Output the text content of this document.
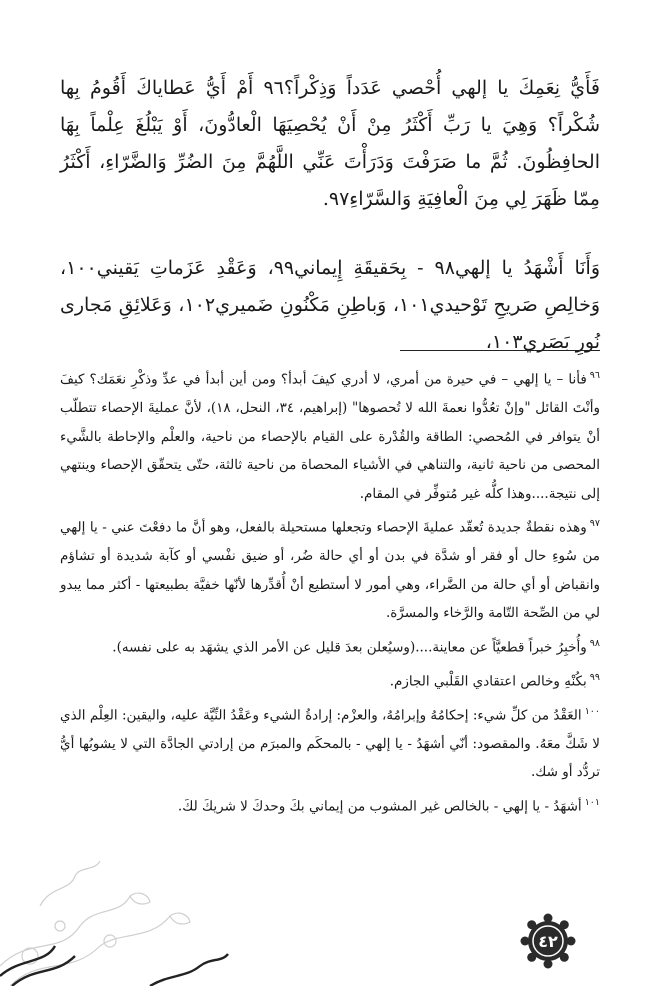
فَأَيُّ نِعَمِكَ يا إلهي أُحْصي عَدَداً وَذِكْراً؟٩٦ أَمْ أَيُّ عَطاياكَ أَقُومُ بِها شُكْراً؟ وَهِيَ يا رَبِّ أَكْثَرُ مِنْ أَنْ يُحْصِيَهَا الْعادُّونَ، أَوْ يَبْلُغَ عِلْماً بِهَا الحافِظُونَ. ثُمَّ ما صَرَفْتَ وَدَرَأْتَ عَنِّي اللَّهُمَّ مِنَ الضُرِّ وَالضَّرّاءِ، أَكْثَرُ مِمّا ظَهَرَ لِي مِنَ الْعافِيَةِ وَالسَّرّاءِ٩٧.

وَأَنَا أَشْهَدُ يا إلهي٩٨ - بِحَقيقَةِ إِيماني٩٩، وَعَقْدِ عَزَماتِ يَقيني١٠٠، وَخالِصِ صَريحِ تَوْحيدي١٠١، وَباطِنِ مَكْنُونِ ضَميري١٠٢، وَعَلائِقِ مَجارى نُورِ بَصَري١٠٣،

$^{٩٦}$فأنا – يا إلهي – في حيرة من أمري، لا أدري كيفَ أبدأ؟ ومن أين أبدأ في عدِّ وذكْرِ نعَمَك؟ كيفَ وأنْتَ القائل "وإنْ تعُدُّوا نعمةَ الله لا تُحصوها" (إبراهيم، ٣٤، النحل، ١٨)، لأنَّ عمليةَ الإحصاء تتطلّب أنْ يتوافر في المُحصي: الطاقة والقُدْرة على القيام بالإحصاء من ناحية، والعلْم والإحاطة بالشَّيء المحصى من ناحية ثانية، والتناهي في الأشياء المحصاة من ناحية ثالثة، حتّى يتحقّق الإحصاء وينتهي إلى نتيجة....وهذا كلُّه غير مُتوفِّر في المقام.

$^{٩٧}$وهذه نقطةٌ جديدة تُعقّد عمليةَ الإحصاء وتجعلها مستحيلة بالفعل، وهو أنَّ ما دفعْتَ عني - يا إلهي من سُوءِ حال أو فقر أو شدَّة في بدن أو أي حالة ضُر، أو ضيق نفْسي أو كآبة شديدة أو تشاؤم وانقباض أو أي حالة من الضَّراء، وهي أمور لا أستطيع أنْ أُقدِّرها لأنّها خفيَّة بطبيعتها - أكثر مما يبدو لي من الصِّحة التّامة والرَّخاء والمسرَّة.

$^{٩٨}$وأُخبِرُ خبراً قطعيَّاً عن معاينة....(وسيُعلن بعدَ قليل عن الأمر الذي يشهَد به على نفسه).

$^{٩٩}$بكُنْهِ وخالص اعتقادي القَلْبي الجازم.

$^{١٠٠}$العَقْدُ من كلِّ شيء: إحكامُهُ وإبرامُهُ، والعزْم: إرادةُ الشيء وعَقْدُ النِّيَّة عليه، واليقين: العِلْم الذي لا شَكَّ معَهُ. والمقصود: أنّي أشهَدُ - يا إلهي - بالمحكَم والمبرَم من إرادتي الجادَّة التي لا يشوبُها أيُّ تردُّد أو شك.

$^{١٠١}$أشهَدُ - يا إلهي - بالخالص غير المشوب من إيماني بكَ وحدكَ لا شريكَ لكَ.

٤٢
